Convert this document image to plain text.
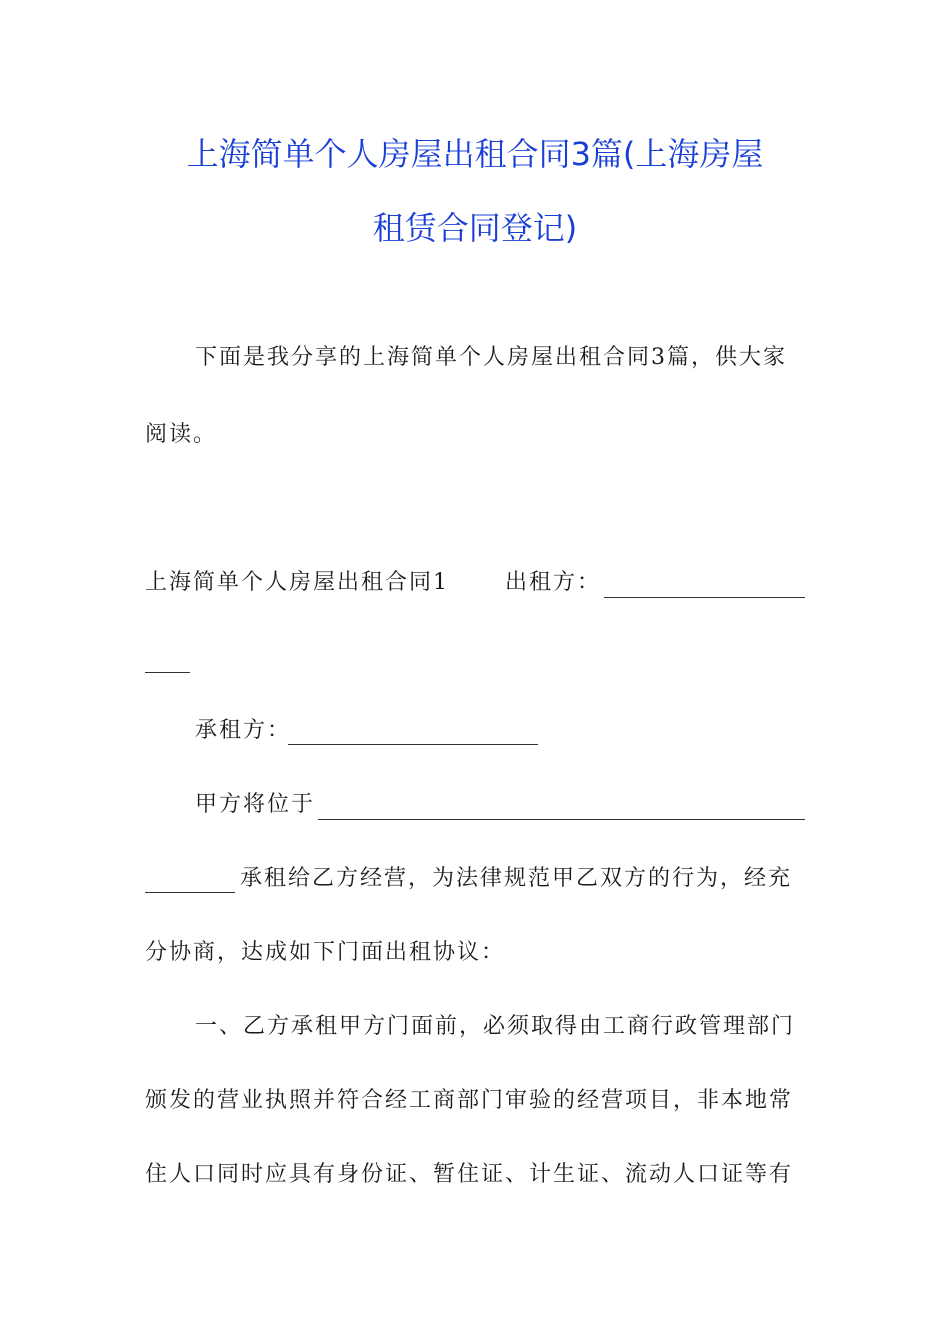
上海简单个人房屋出租合同3篇(上海房屋
租赁合同登记)
下面是我分享的上海简单个人房屋出租合同3篇，供大家
阅读。
上海简单个人房屋出租合同1	出租方：
承租方：
甲方将位于
承租给乙方经营，为法律规范甲乙双方的行为，经充
分协商，达成如下门面出租协议：
一、乙方承租甲方门面前，必须取得由工商行政管理部门
颁发的营业执照并符合经工商部门审验的经营项目，非本地常
住人口同时应具有身份证、暂住证、计生证、流动人口证等有
